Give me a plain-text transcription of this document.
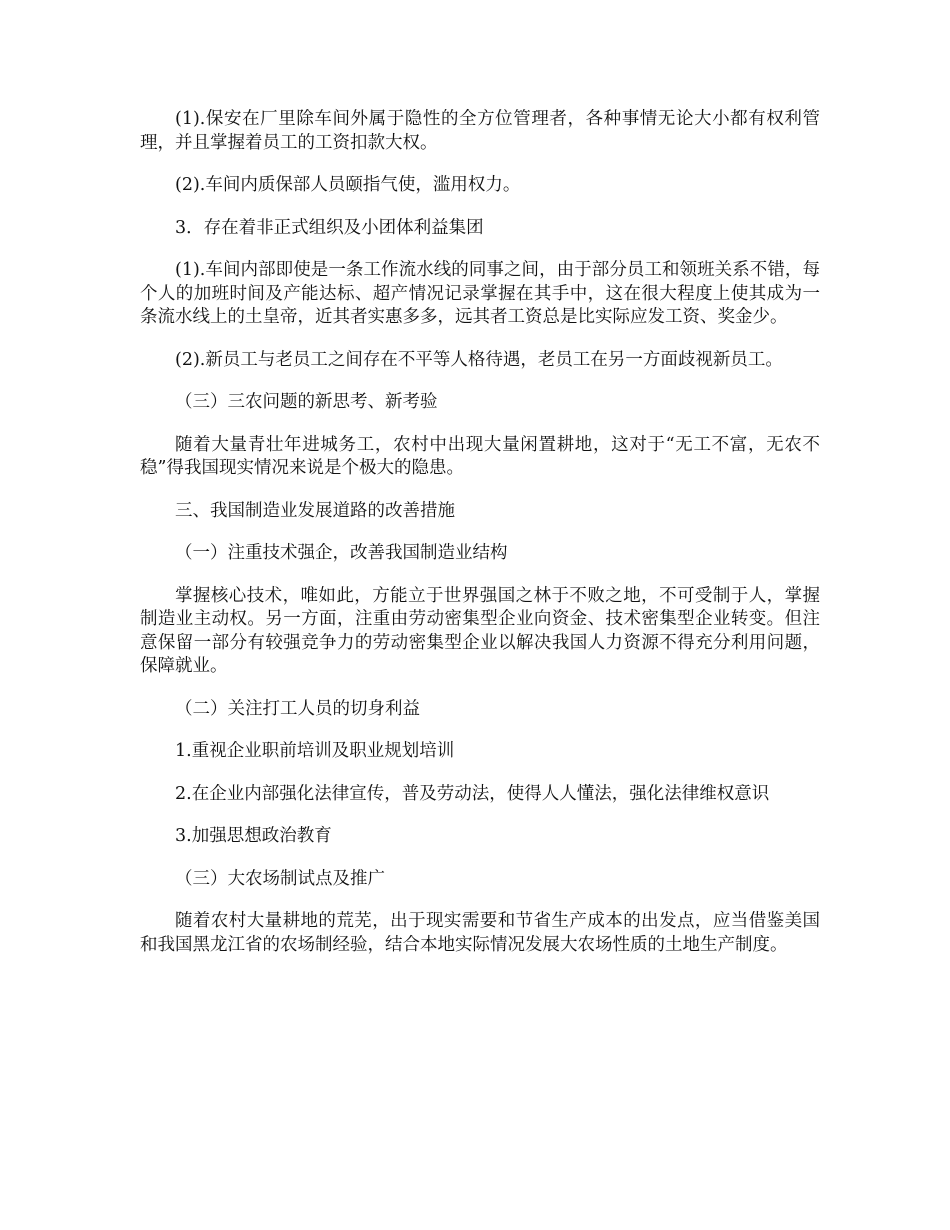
(1).保安在厂里除车间外属于隐性的全方位管理者，各种事情无论大小都有权利管理，并且掌握着员工的工资扣款大权。

(2).车间内质保部人员颐指气使，滥用权力。

3．存在着非正式组织及小团体利益集团

(1).车间内部即使是一条工作流水线的同事之间，由于部分员工和领班关系不错，每个人的加班时间及产能达标、超产情况记录掌握在其手中，这在很大程度上使其成为一条流水线上的土皇帝，近其者实惠多多，远其者工资总是比实际应发工资、奖金少。

(2).新员工与老员工之间存在不平等人格待遇，老员工在另一方面歧视新员工。

（三）三农问题的新思考、新考验

随着大量青壮年进城务工，农村中出现大量闲置耕地，这对于“无工不富，无农不稳”得我国现实情况来说是个极大的隐患。

三、我国制造业发展道路的改善措施

（一）注重技术强企，改善我国制造业结构

掌握核心技术，唯如此，方能立于世界强国之林于不败之地，不可受制于人，掌握制造业主动权。另一方面，注重由劳动密集型企业向资金、技术密集型企业转变。但注意保留一部分有较强竞争力的劳动密集型企业以解决我国人力资源不得充分利用问题，保障就业。

（二）关注打工人员的切身利益

1.重视企业职前培训及职业规划培训

2.在企业内部强化法律宣传，普及劳动法，使得人人懂法，强化法律维权意识

3.加强思想政治教育

（三）大农场制试点及推广

随着农村大量耕地的荒芜，出于现实需要和节省生产成本的出发点，应当借鉴美国和我国黑龙江省的农场制经验，结合本地实际情况发展大农场性质的土地生产制度。
